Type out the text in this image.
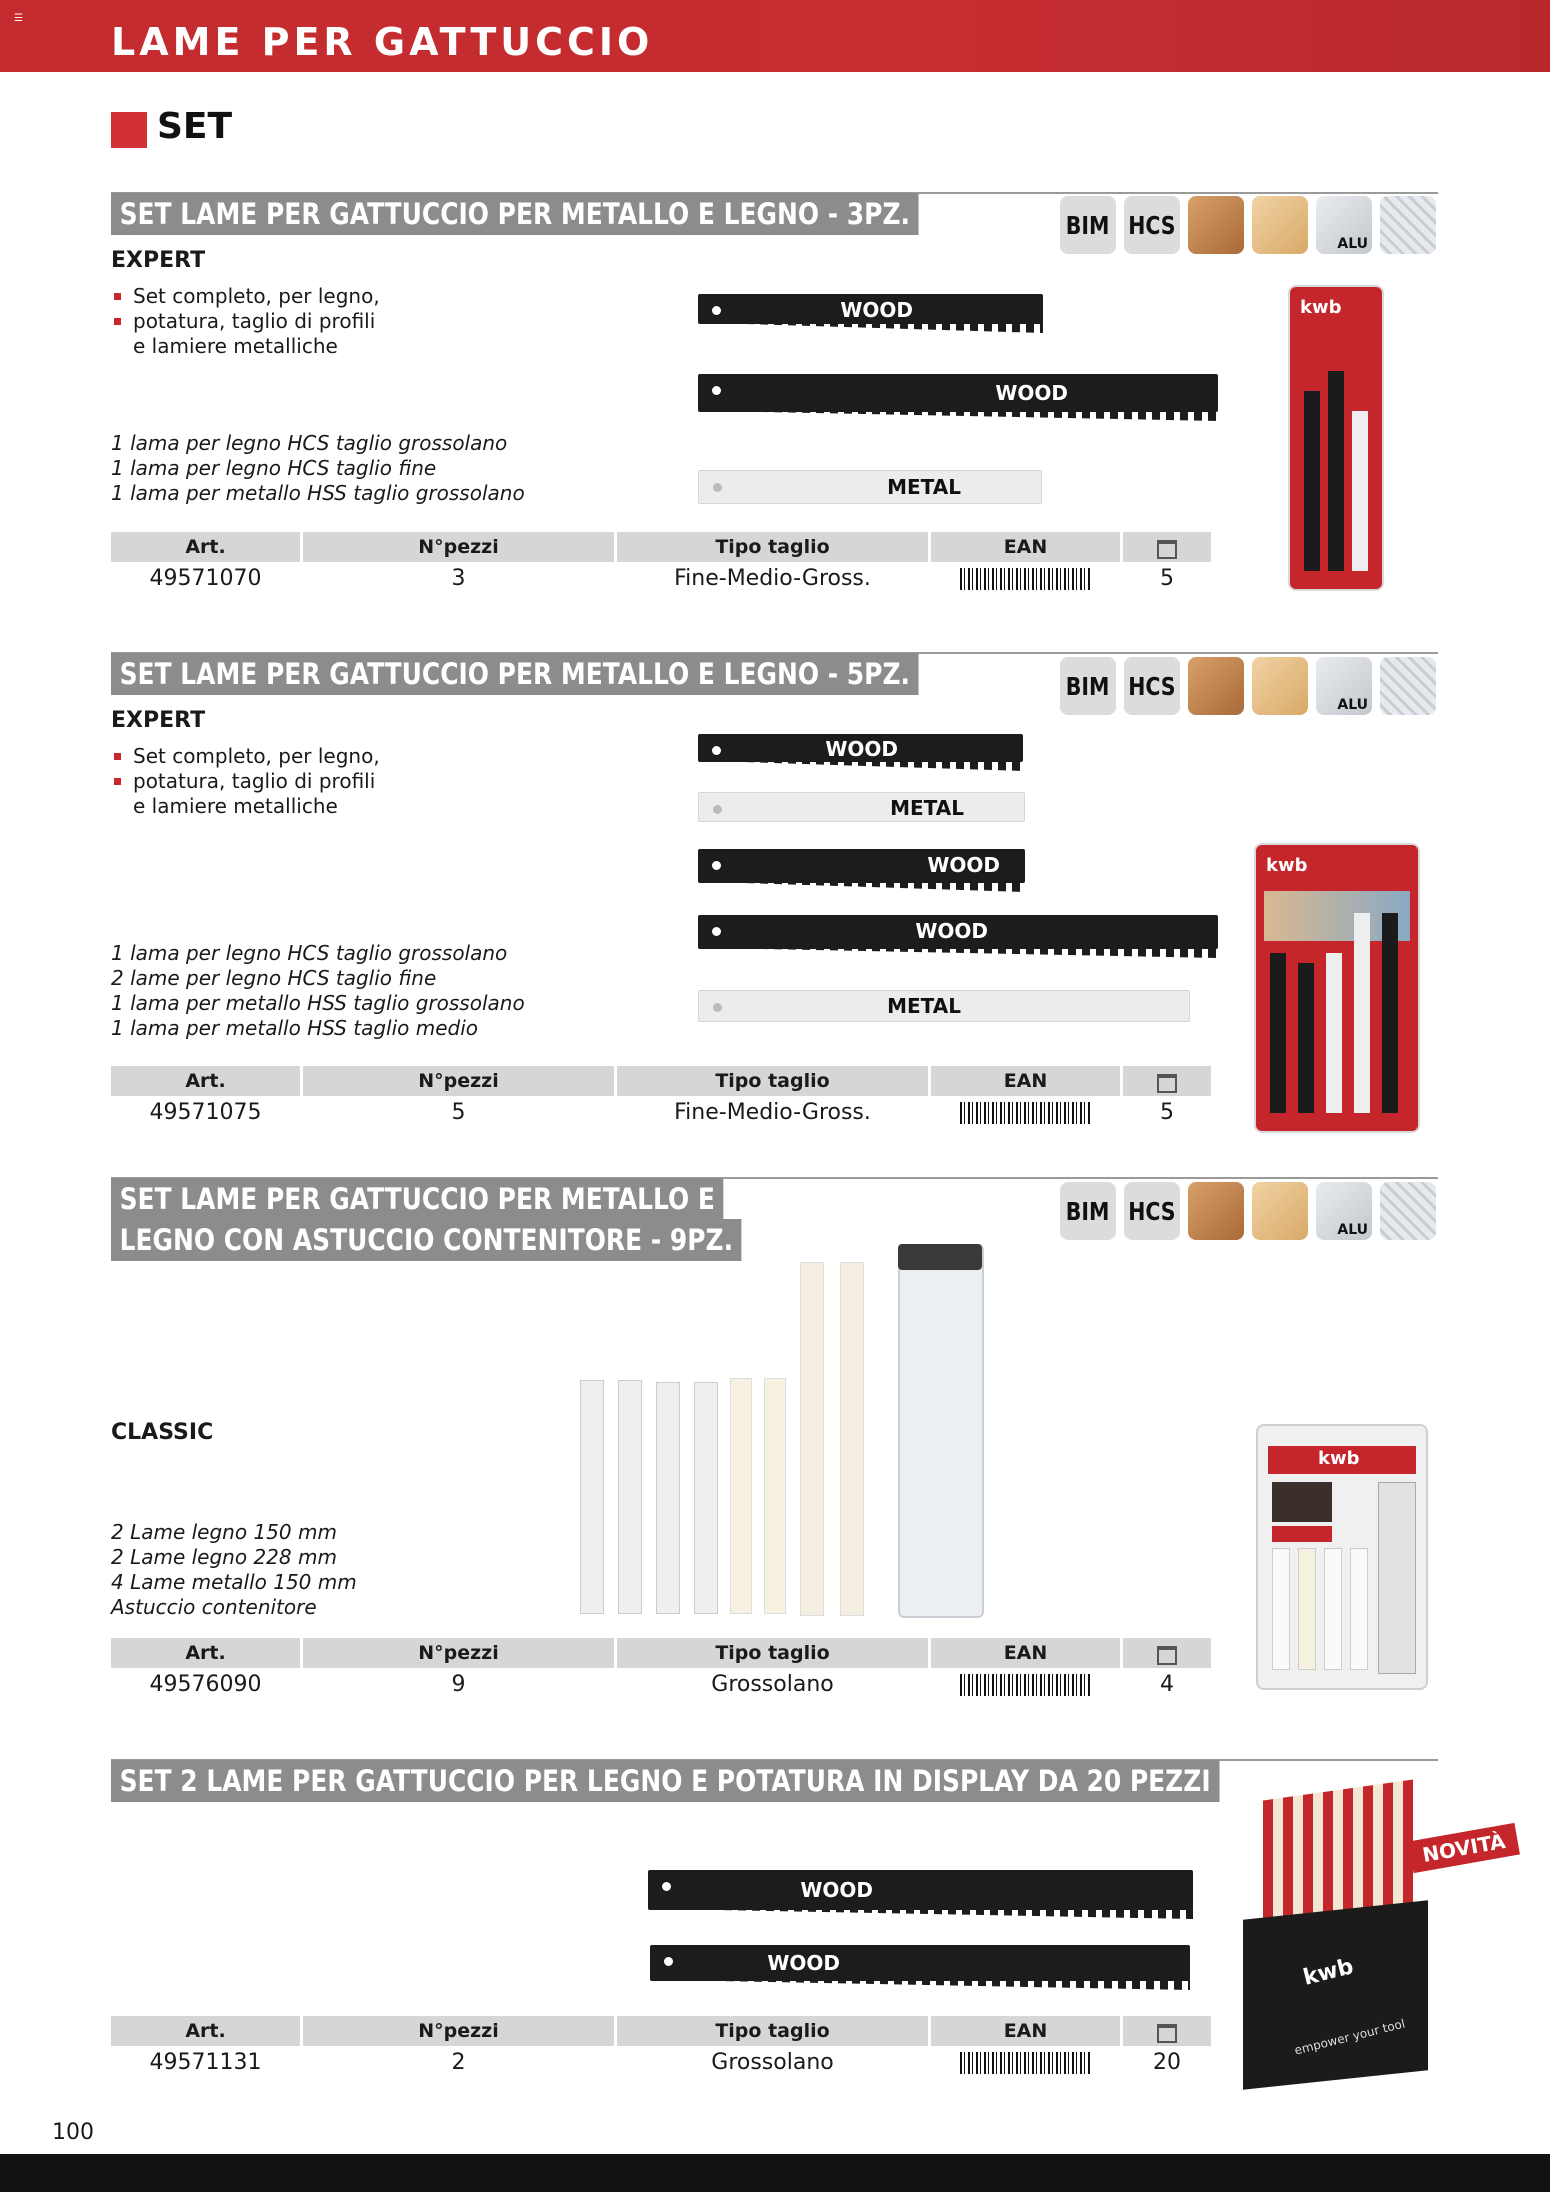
☰
LAME PER GATTUCCIO
SET
SET LAME PER GATTUCCIO PER METALLO E LEGNO - 3PZ.	BIM HCS
ALU
EXPERT
Set completo, per legno,
potatura, taglio di profili
e lamiere metalliche
1 lama per legno HCS taglio grossolano
1 lama per legno HCS taglio fine
1 lama per metallo HSS taglio grossolano
WOOD
WOOD
METAL
kwb
Art.	N°pezzi	Tipo taglio	EAN
49571070	3	Fine-Medio-Gross.	5
SET LAME PER GATTUCCIO PER METALLO E LEGNO - 5PZ.	BIM HCS
ALU
EXPERT
Set completo, per legno,
potatura, taglio di profili
e lamiere metalliche
1 lama per legno HCS taglio grossolano
2 lame per legno HCS taglio fine
1 lama per metallo HSS taglio grossolano
1 lama per metallo HSS taglio medio
WOOD
METAL
WOOD
WOOD
METAL
kwb
Art.	N°pezzi	Tipo taglio	EAN
49571075	5	Fine-Medio-Gross.	5
SET LAME PER GATTUCCIO PER METALLO E
LEGNO CON ASTUCCIO CONTENITORE - 9PZ.
BIM HCS
ALU
CLASSIC
2 Lame legno 150 mm
2 Lame legno 228 mm
4 Lame metallo 150 mm
Astuccio contenitore
kwb
Art.	N°pezzi	Tipo taglio	EAN
49576090	9	Grossolano	4
SET 2 LAME PER GATTUCCIO PER LEGNO E POTATURA IN DISPLAY DA 20 PEZZI
WOOD
WOOD	kwb
empower your tool
NOVITÀ
Art.	N°pezzi	Tipo taglio	EAN
49571131	2	Grossolano	20
100
